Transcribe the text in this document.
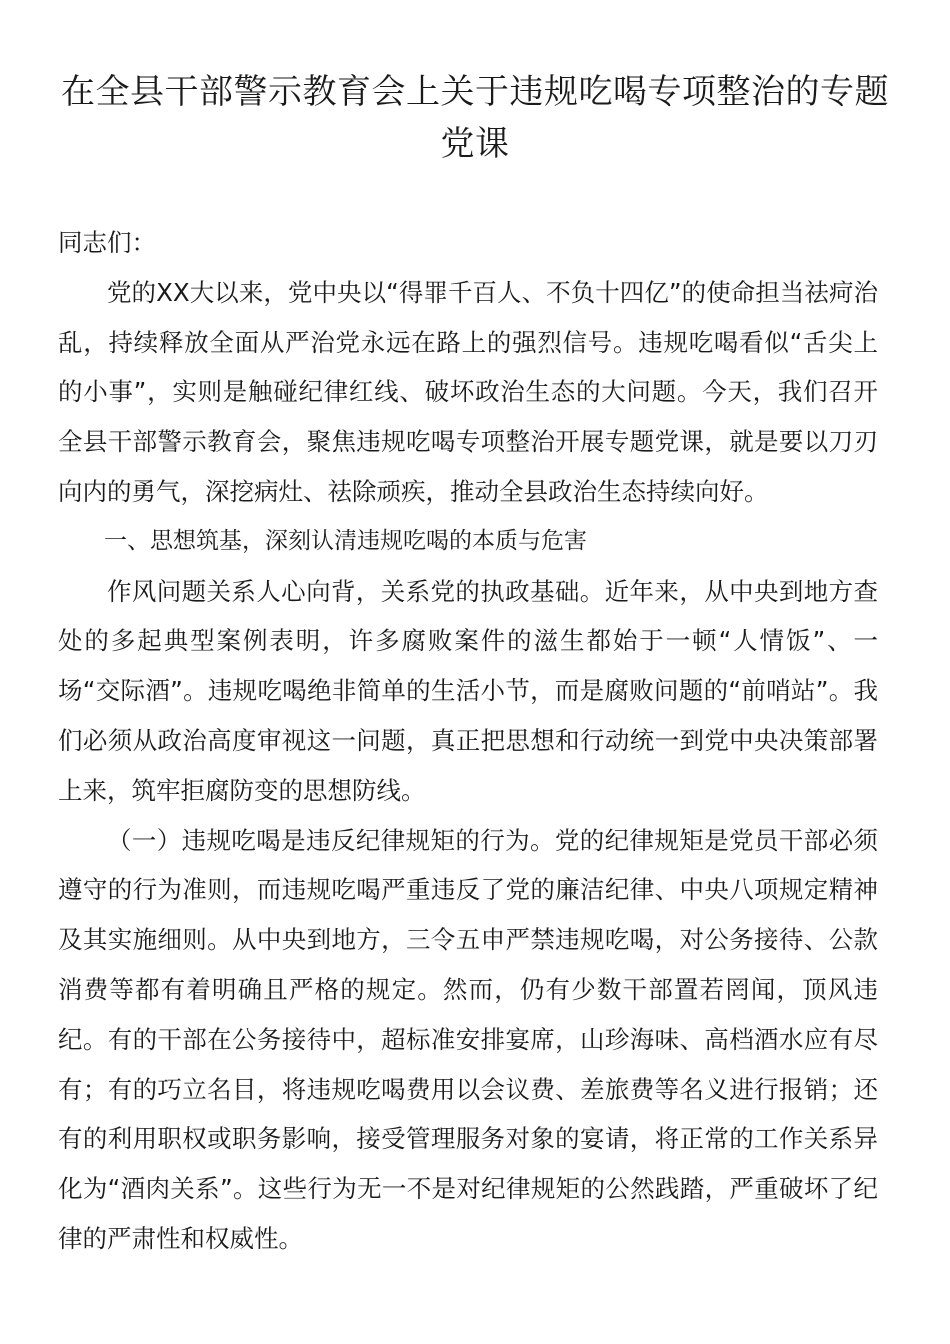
在全县干部警示教育会上关于违规吃喝专项整治的专题党课

同志们：

党的XX大以来，党中央以“得罪千百人、不负十四亿”的使命担当祛疴治乱，持续释放全面从严治党永远在路上的强烈信号。违规吃喝看似“舌尖上的小事”，实则是触碰纪律红线、破坏政治生态的大问题。今天，我们召开全县干部警示教育会，聚焦违规吃喝专项整治开展专题党课，就是要以刀刃向内的勇气，深挖病灶、祛除顽疾，推动全县政治生态持续向好。

一、思想筑基，深刻认清违规吃喝的本质与危害

作风问题关系人心向背，关系党的执政基础。近年来，从中央到地方查处的多起典型案例表明，许多腐败案件的滋生都始于一顿“人情饭”、一场“交际酒”。违规吃喝绝非简单的生活小节，而是腐败问题的“前哨站”。我们必须从政治高度审视这一问题，真正把思想和行动统一到党中央决策部署上来，筑牢拒腐防变的思想防线。

（一）违规吃喝是违反纪律规矩的行为。党的纪律规矩是党员干部必须遵守的行为准则，而违规吃喝严重违反了党的廉洁纪律、中央八项规定精神及其实施细则。从中央到地方，三令五申严禁违规吃喝，对公务接待、公款消费等都有着明确且严格的规定。然而，仍有少数干部置若罔闻，顶风违纪。有的干部在公务接待中，超标准安排宴席，山珍海味、高档酒水应有尽有；有的巧立名目，将违规吃喝费用以会议费、差旅费等名义进行报销；还有的利用职权或职务影响，接受管理服务对象的宴请，将正常的工作关系异化为“酒肉关系”。这些行为无一不是对纪律规矩的公然践踏，严重破坏了纪律的严肃性和权威性。
